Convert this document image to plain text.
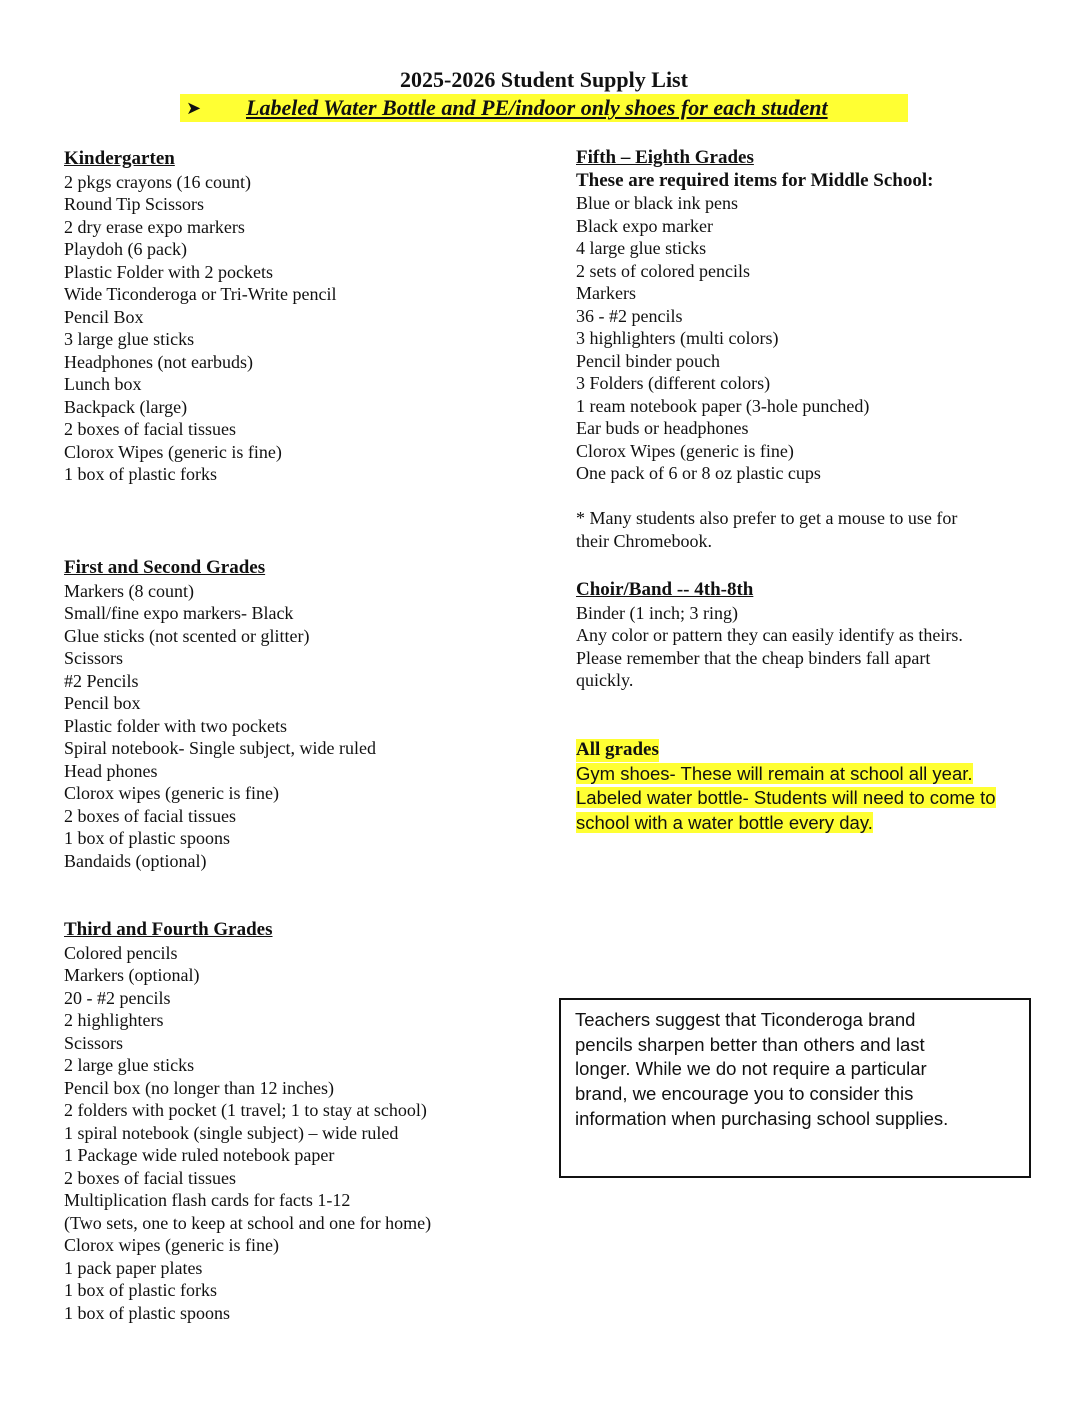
2025-2026 Student Supply List
➤ Labeled Water Bottle and PE/indoor only shoes for each student
Kindergarten
2 pkgs crayons (16 count)
Round Tip Scissors
2 dry erase expo markers
Playdoh (6 pack)
Plastic Folder with 2 pockets
Wide Ticonderoga or Tri-Write pencil
Pencil Box
3 large glue sticks
Headphones (not earbuds)
Lunch box
Backpack (large)
2 boxes of facial tissues
Clorox Wipes (generic is fine)
1 box of plastic forks
First and Second Grades
Markers (8 count)
Small/fine expo markers- Black
Glue sticks (not scented or glitter)
Scissors
#2 Pencils
Pencil box
Plastic folder with two pockets
Spiral notebook- Single subject, wide ruled
Head phones
Clorox wipes (generic is fine)
2 boxes of facial tissues
1 box of plastic spoons
Bandaids (optional)
Third and Fourth Grades
Colored pencils
Markers (optional)
20 - #2 pencils
2 highlighters
Scissors
2 large glue sticks
Pencil box (no longer than 12 inches)
2 folders with pocket (1 travel; 1 to stay at school)
1 spiral notebook (single subject) – wide ruled
1 Package wide ruled notebook paper
2 boxes of facial tissues
Multiplication flash cards for facts 1-12
(Two sets, one to keep at school and one for home)
Clorox wipes (generic is fine)
1 pack paper plates
1 box of plastic forks
1 box of plastic spoons
Fifth – Eighth Grades
These are required items for Middle School:
Blue or black ink pens
Black expo marker
4 large glue sticks
2 sets of colored pencils
Markers
36 - #2 pencils
3 highlighters (multi colors)
Pencil binder pouch
3 Folders (different colors)
1 ream notebook paper (3-hole punched)
Ear buds or headphones
Clorox Wipes (generic is fine)
One pack of 6 or 8 oz plastic cups
* Many students also prefer to get a mouse to use for
their Chromebook.
Choir/Band -- 4th-8th
Binder (1 inch; 3 ring)
Any color or pattern they can easily identify as theirs.
Please remember that the cheap binders fall apart
quickly.
All grades
Gym shoes- These will remain at school all year.
Labeled water bottle- Students will need to come to
school with a water bottle every day.
Teachers suggest that Ticonderoga brand
pencils sharpen better than others and last
longer. While we do not require a particular
brand, we encourage you to consider this
information when purchasing school supplies.
